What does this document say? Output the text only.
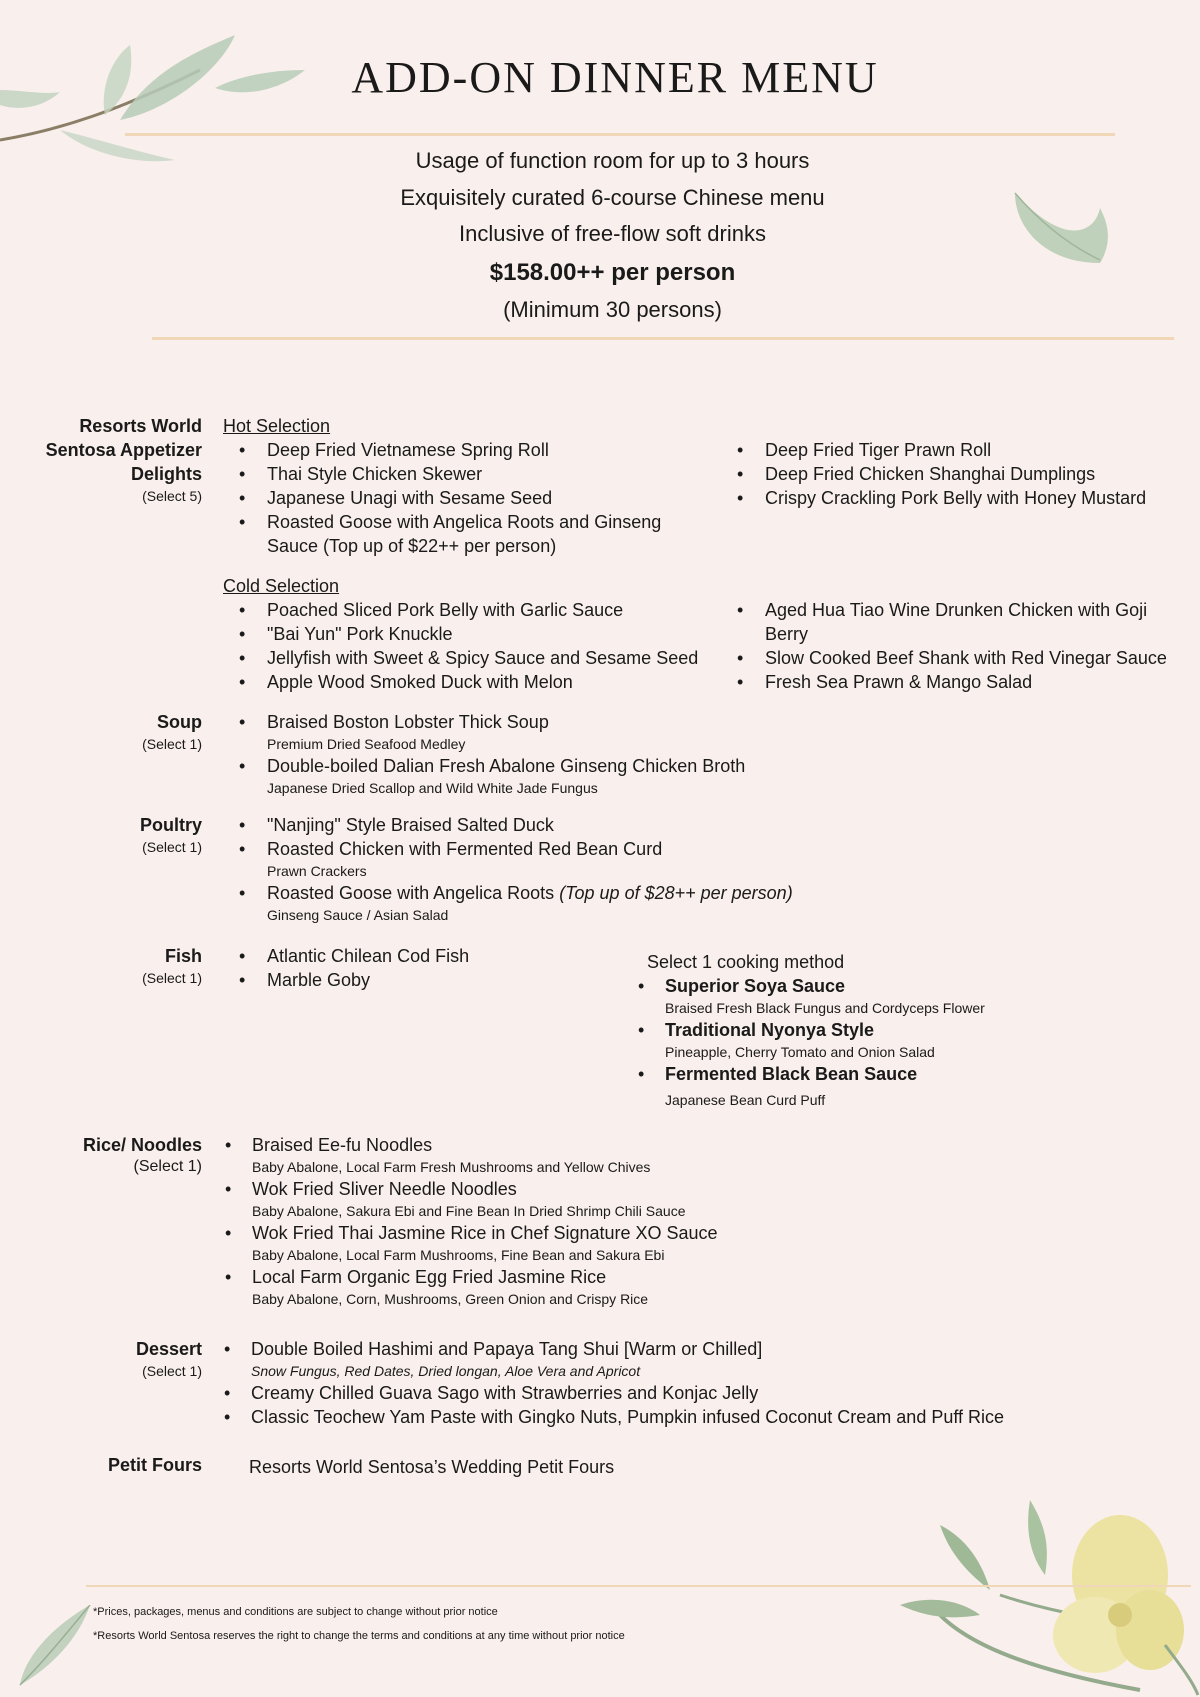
ADD-ON DINNER MENU
Usage of function room for up to 3 hours
Exquisitely curated 6-course Chinese menu
Inclusive of free-flow soft drinks
$158.00++ per person
(Minimum 30 persons)
Resorts World Sentosa Appetizer Delights
(Select 5)
Hot Selection
• Deep Fried Vietnamese Spring Roll
• Thai Style Chicken Skewer
• Japanese Unagi with Sesame Seed
• Roasted Goose with Angelica Roots and Ginseng Sauce (Top up of $22++ per person)
• Deep Fried Tiger Prawn Roll
• Deep Fried Chicken Shanghai Dumplings
• Crispy Crackling Pork Belly with Honey Mustard
Cold Selection
• Poached Sliced Pork Belly with Garlic Sauce
• "Bai Yun" Pork Knuckle
• Jellyfish with Sweet & Spicy Sauce and Sesame Seed
• Apple Wood Smoked Duck with Melon
• Aged Hua Tiao Wine Drunken Chicken with Goji Berry
• Slow Cooked Beef Shank with Red Vinegar Sauce
• Fresh Sea Prawn & Mango Salad
Soup
(Select 1)
• Braised Boston Lobster Thick Soup
Premium Dried Seafood Medley
• Double-boiled Dalian Fresh Abalone Ginseng Chicken Broth
Japanese Dried Scallop and Wild White Jade Fungus
Poultry
(Select 1)
• "Nanjing" Style Braised Salted Duck
• Roasted Chicken with Fermented Red Bean Curd
Prawn Crackers
• Roasted Goose with Angelica Roots (Top up of $28++ per person)
Ginseng Sauce / Asian Salad
Fish
(Select 1)
• Atlantic Chilean Cod Fish
• Marble Goby
Select 1 cooking method
• Superior Soya Sauce
Braised Fresh Black Fungus and Cordyceps Flower
• Traditional Nyonya Style
Pineapple, Cherry Tomato and Onion Salad
• Fermented Black Bean Sauce
Japanese Bean Curd Puff
Rice/ Noodles
(Select 1)
• Braised Ee-fu Noodles
Baby Abalone, Local Farm Fresh Mushrooms and Yellow Chives
• Wok Fried Sliver Needle Noodles
Baby Abalone, Sakura Ebi and Fine Bean In Dried Shrimp Chili Sauce
• Wok Fried Thai Jasmine Rice in Chef Signature XO Sauce
Baby Abalone, Local Farm Mushrooms, Fine Bean and Sakura Ebi
• Local Farm Organic Egg Fried Jasmine Rice
Baby Abalone, Corn, Mushrooms, Green Onion and Crispy Rice
Dessert
(Select 1)
• Double Boiled Hashimi and Papaya Tang Shui [Warm or Chilled]
Snow Fungus, Red Dates, Dried longan, Aloe Vera and Apricot
• Creamy Chilled Guava Sago with Strawberries and Konjac Jelly
• Classic Teochew Yam Paste with Gingko Nuts, Pumpkin infused Coconut Cream and Puff Rice
Petit Fours	Resorts World Sentosa’s Wedding Petit Fours
*Prices, packages, menus and conditions are subject to change without prior notice
*Resorts World Sentosa reserves the right to change the terms and conditions at any time without prior notice
